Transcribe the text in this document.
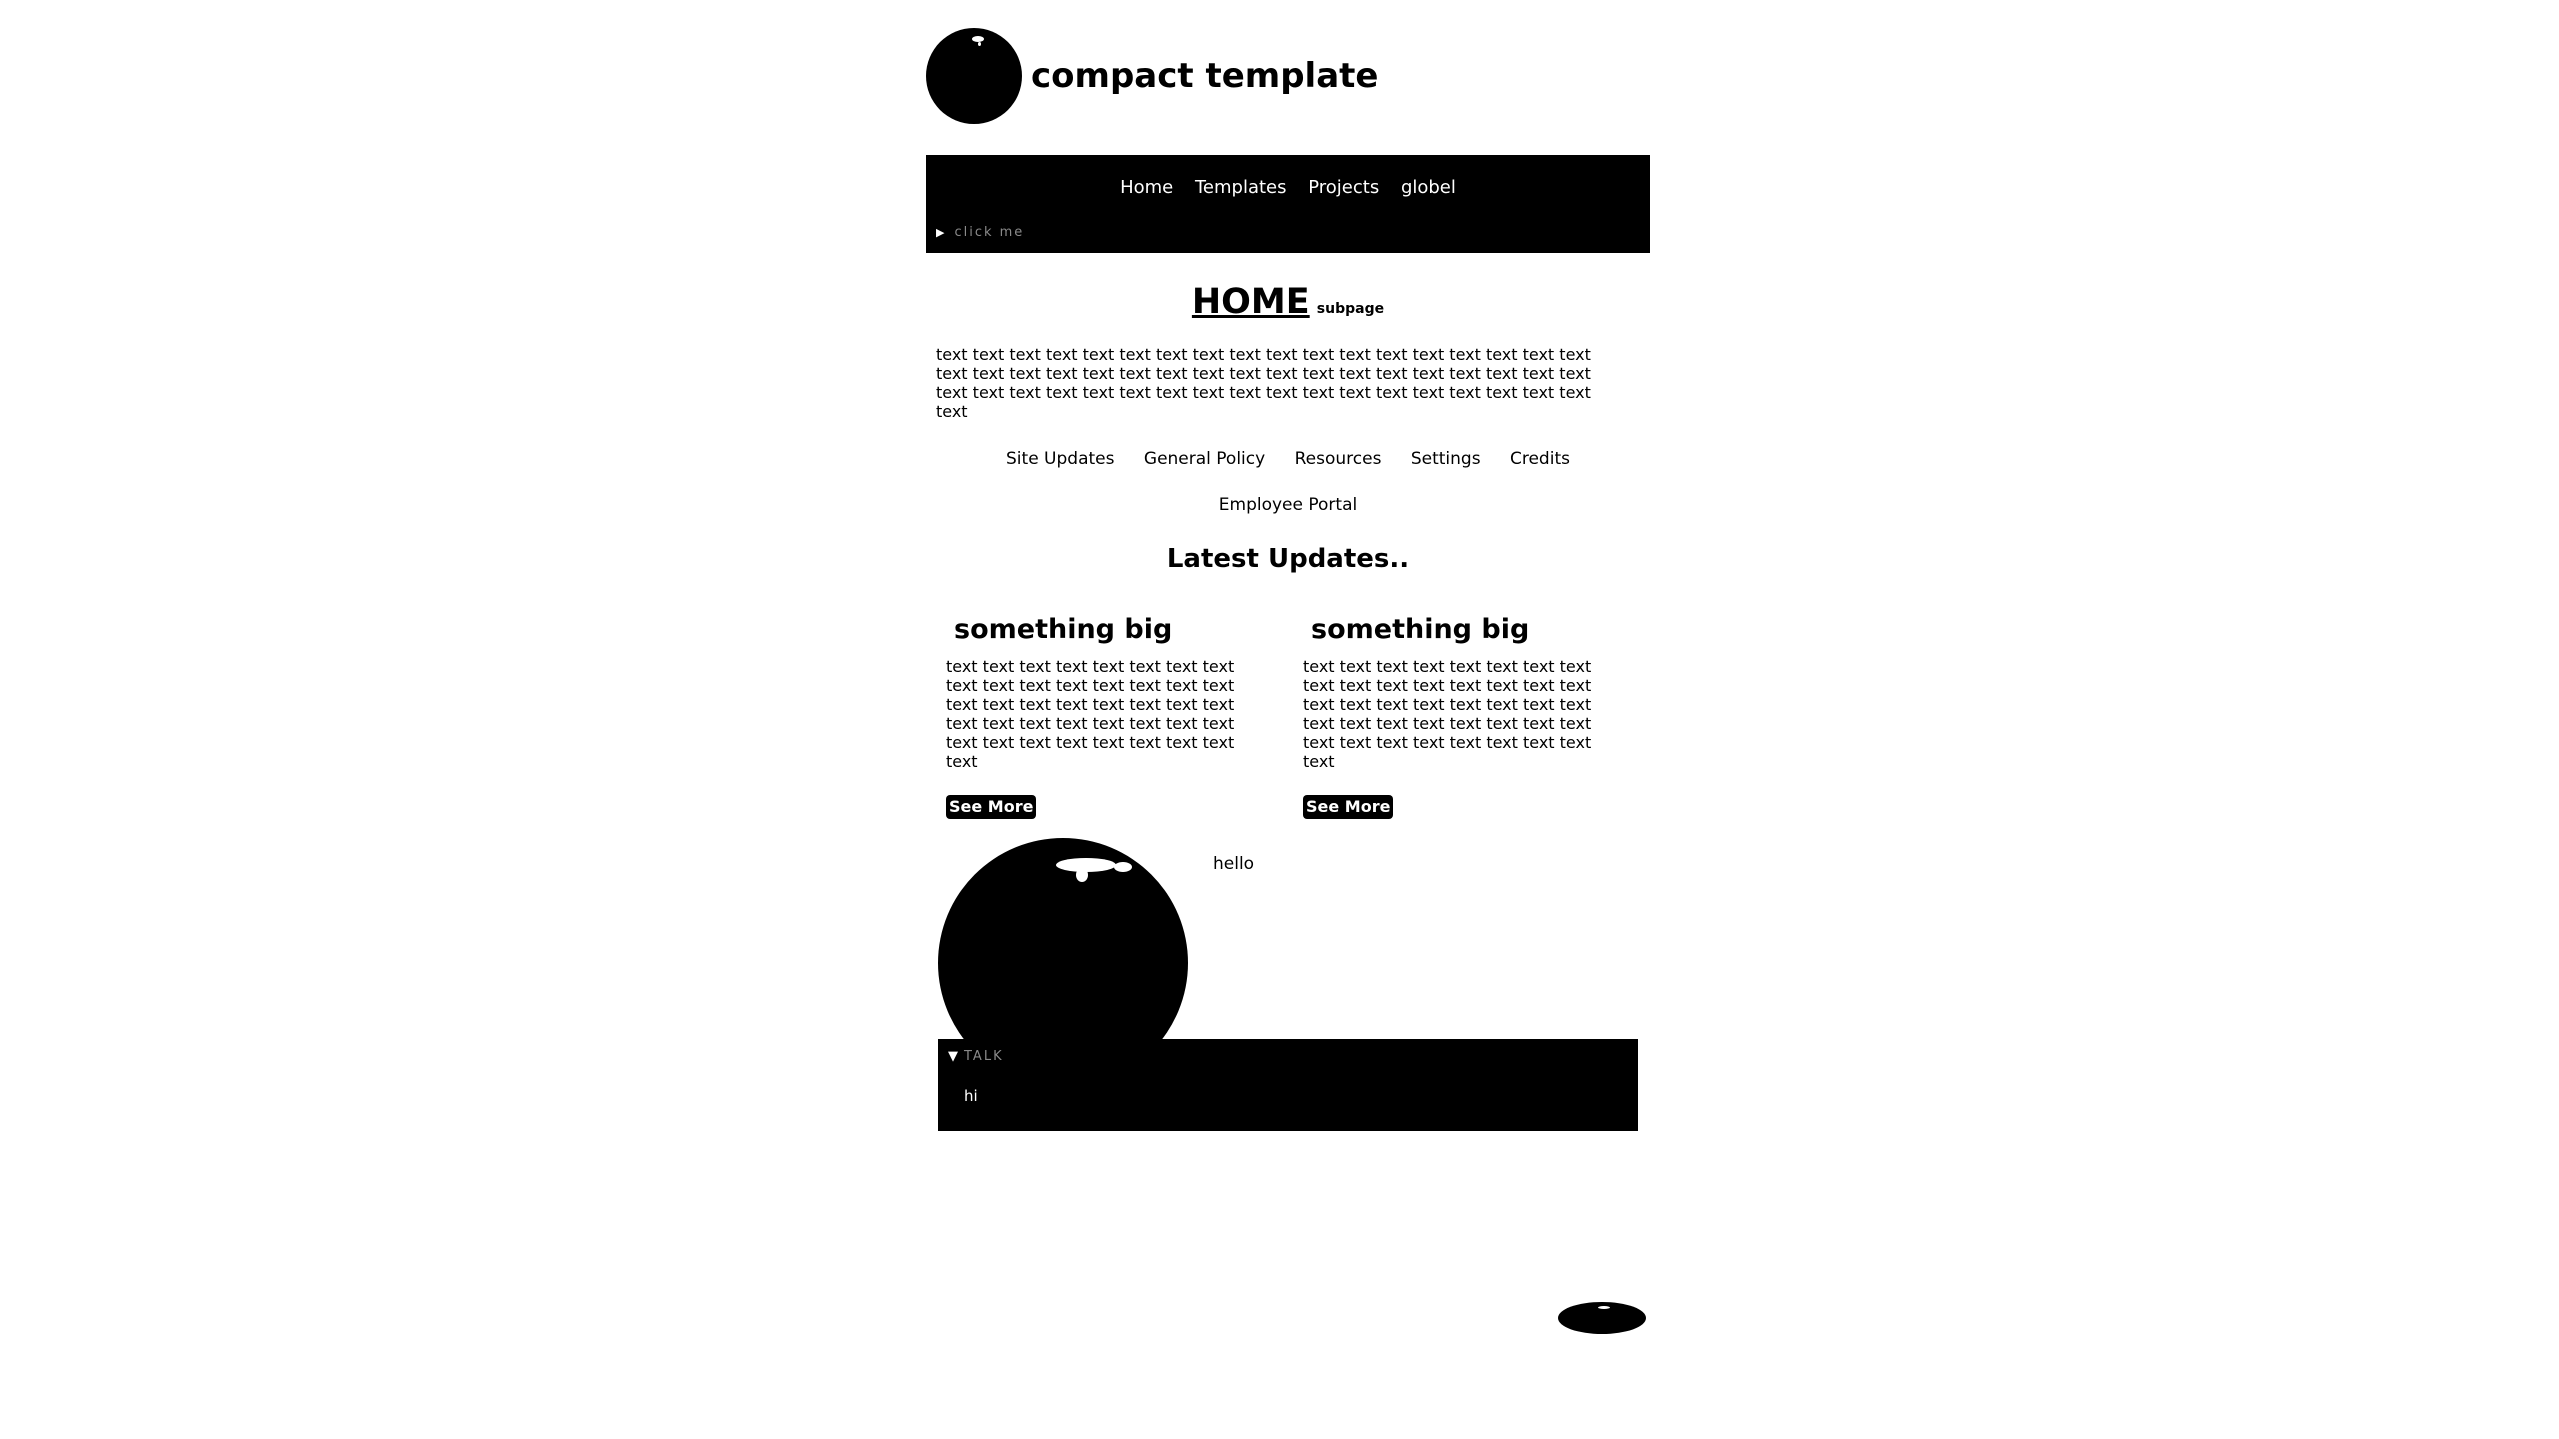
compact template
Home Templates Projects globel
▶ click me
HOME subpage
text text text text text text text text text text text text text text text text text text text text text text text text text text text text text text text text text text text text text text text text text text text text text text text text text text text text text text text
Site Updates General Policy Resources Settings Credits
Employee Portal
Latest Updates..
something big

text text text text text text text text text text text text text text text text text text text text text text text text text text text text text text text text text text text text text text text text text

See More
something big

text text text text text text text text text text text text text text text text text text text text text text text text text text text text text text text text text text text text text text text text text

See More
hello
▼ TALK
hi
